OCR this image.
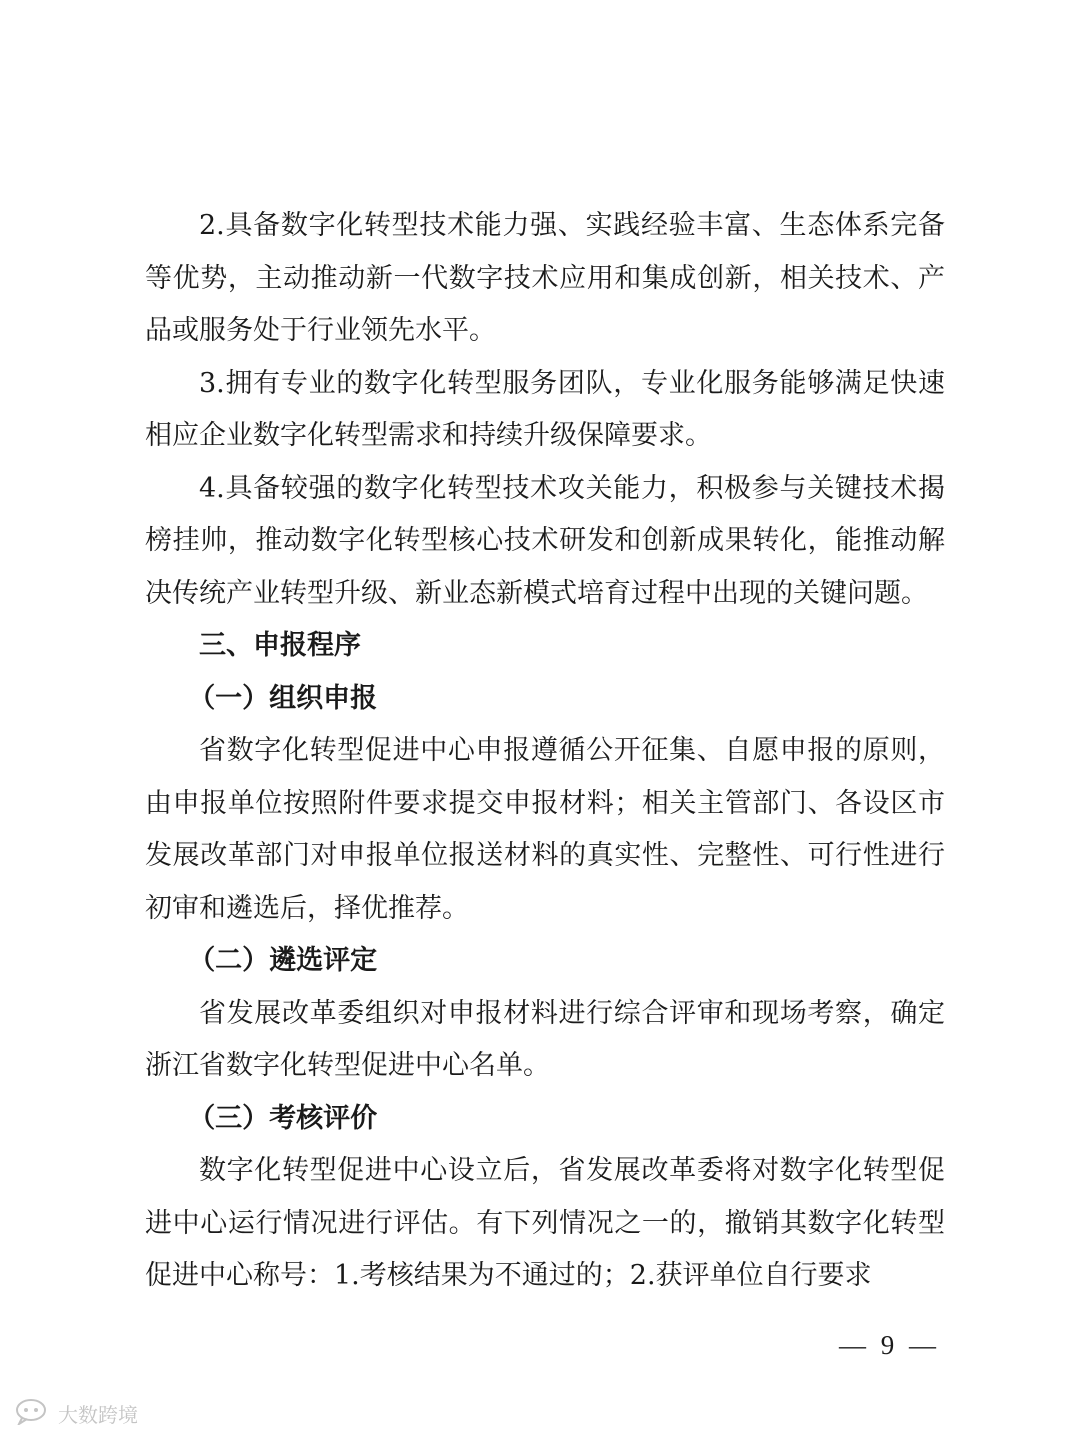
2.具备数字化转型技术能力强、实践经验丰富、生态体系完备等优势，主动推动新一代数字技术应用和集成创新，相关技术、产品或服务处于行业领先水平。

3.拥有专业的数字化转型服务团队，专业化服务能够满足快速相应企业数字化转型需求和持续升级保障要求。

4.具备较强的数字化转型技术攻关能力，积极参与关键技术揭榜挂帅，推动数字化转型核心技术研发和创新成果转化，能推动解决传统产业转型升级、新业态新模式培育过程中出现的关键问题。

三、申报程序
（一）组织申报

省数字化转型促进中心申报遵循公开征集、自愿申报的原则，由申报单位按照附件要求提交申报材料；相关主管部门、各设区市发展改革部门对申报单位报送材料的真实性、完整性、可行性进行初审和遴选后，择优推荐。

（二）遴选评定

省发展改革委组织对申报材料进行综合评审和现场考察，确定浙江省数字化转型促进中心名单。

（三）考核评价

数字化转型促进中心设立后，省发展改革委将对数字化转型促进中心运行情况进行评估。有下列情况之一的，撤销其数字化转型促进中心称号：1.考核结果为不通过的；2.获评单位自行要求

— 9 —
大数跨境
